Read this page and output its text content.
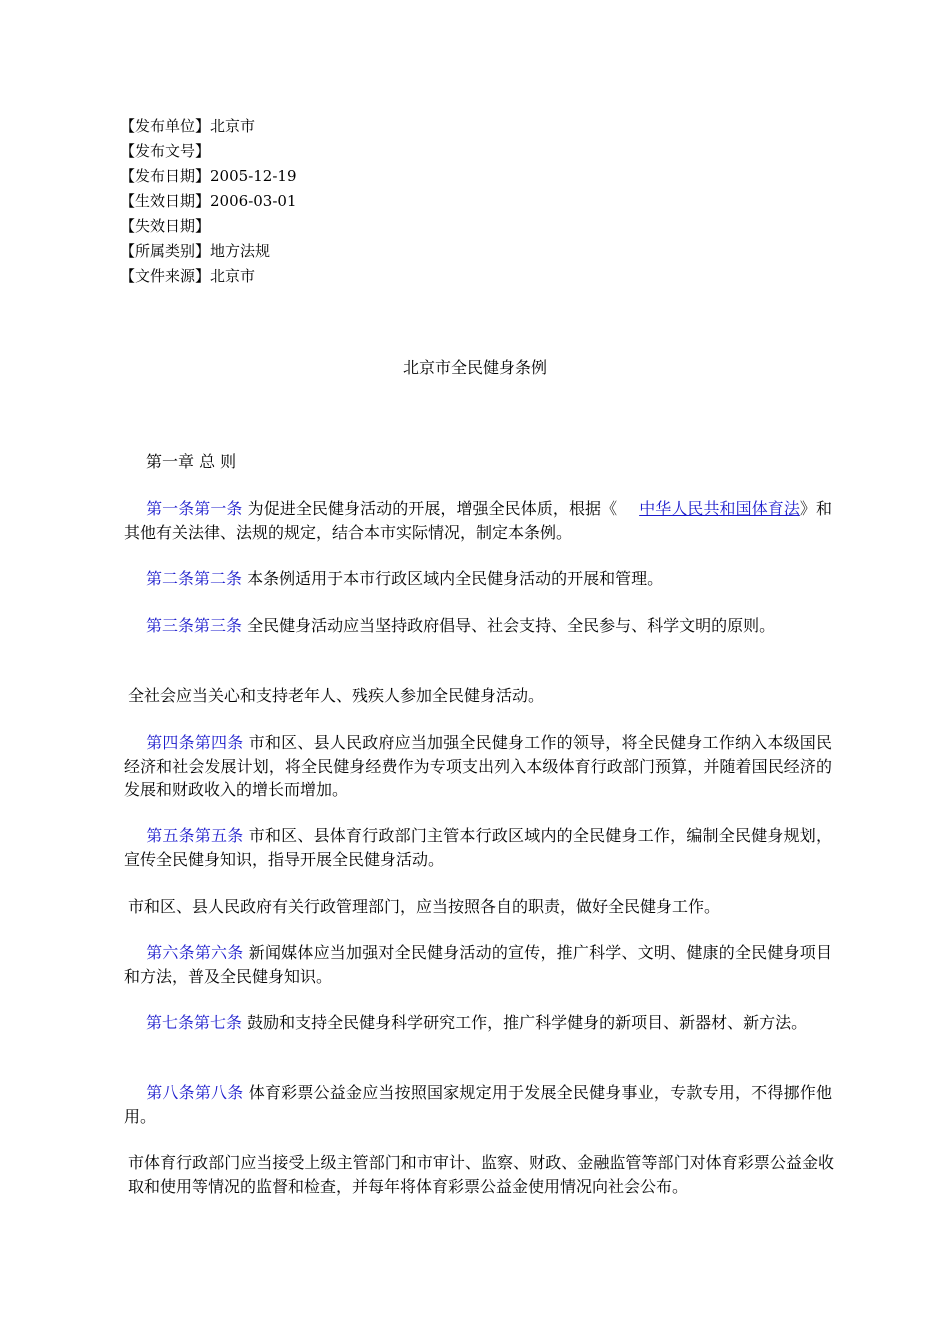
【发布单位】北京市
【发布文号】
【发布日期】2005-12-19
【生效日期】2006-03-01
【失效日期】
【所属类别】地方法规
【文件来源】北京市
北京市全民健身条例
第一章 总 则
第一条第一条 为促进全民健身活动的开展，增强全民体质，根据《 中华人民共和国体育法》和其他有关法律、法规的规定，结合本市实际情况，制定本条例。
第二条第二条 本条例适用于本市行政区域内全民健身活动的开展和管理。
第三条第三条 全民健身活动应当坚持政府倡导、社会支持、全民参与、科学文明的原则。
全社会应当关心和支持老年人、残疾人参加全民健身活动。
第四条第四条 市和区、县人民政府应当加强全民健身工作的领导，将全民健身工作纳入本级国民经济和社会发展计划，将全民健身经费作为专项支出列入本级体育行政部门预算，并随着国民经济的发展和财政收入的增长而增加。
第五条第五条 市和区、县体育行政部门主管本行政区域内的全民健身工作，编制全民健身规划，宣传全民健身知识，指导开展全民健身活动。
市和区、县人民政府有关行政管理部门，应当按照各自的职责，做好全民健身工作。
第六条第六条 新闻媒体应当加强对全民健身活动的宣传，推广科学、文明、健康的全民健身项目和方法，普及全民健身知识。
第七条第七条 鼓励和支持全民健身科学研究工作，推广科学健身的新项目、新器材、新方法。
第八条第八条 体育彩票公益金应当按照国家规定用于发展全民健身事业，专款专用，不得挪作他用。
市体育行政部门应当接受上级主管部门和市审计、监察、财政、金融监管等部门对体育彩票公益金收取和使用等情况的监督和检查，并每年将体育彩票公益金使用情况向社会公布。
